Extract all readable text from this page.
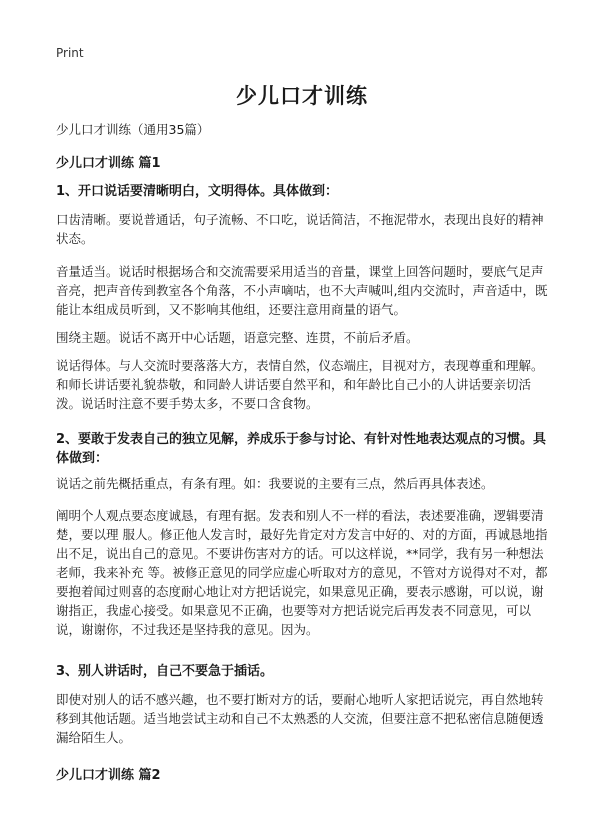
Print
少儿口才训练
少儿口才训练（通用35篇）
少儿口才训练 篇1
1、开口说话要清晰明白，文明得体。具体做到：
口齿清晰。要说普通话，句子流畅、不口吃，说话简洁，不拖泥带水，表现出良好的精神状态。
音量适当。说话时根据场合和交流需要采用适当的音量，课堂上回答问题时，要底气足声音亮，把声音传到教室各个角落，不小声嘀咕，也不大声喊叫,组内交流时，声音适中，既能让本组成员听到，又不影响其他组，还要注意用商量的语气。
围绕主题。说话不离开中心话题，语意完整、连贯，不前后矛盾。
说话得体。与人交流时要落落大方，表情自然，仪态端庄，目视对方，表现尊重和理解。和师长讲话要礼貌恭敬，和同龄人讲话要自然平和，和年龄比自己小的人讲话要亲切活泼。说话时注意不要手势太多，不要口含食物。
2、要敢于发表自己的独立见解，养成乐于参与讨论、有针对性地表达观点的习惯。具体做到：
说话之前先概括重点，有条有理。如：我要说的主要有三点，然后再具体表述。
阐明个人观点要态度诚恳，有理有据。发表和别人不一样的看法，表述要准确，逻辑要清楚，要以理 服人。修正他人发言时，最好先肯定对方发言中好的、对的方面，再诚恳地指出不足，说出自己的意见。不要讲伤害对方的话。可以这样说，**同学，我有另一种想法老师，我来补充 等。被修正意见的同学应虚心听取对方的意见，不管对方说得对不对，都要抱着闻过则喜的态度耐心地让对方把话说完，如果意见正确，要表示感谢，可以说，谢谢指正，我虚心接受。如果意见不正确，也要等对方把话说完后再发表不同意见，可以说，谢谢你，不过我还是坚持我的意见。因为。
3、别人讲话时，自己不要急于插话。
即使对别人的话不感兴趣，也不要打断对方的话，要耐心地听人家把话说完，再自然地转移到其他话题。适当地尝试主动和自己不太熟悉的人交流，但要注意不把私密信息随便透漏给陌生人。
少儿口才训练 篇2
